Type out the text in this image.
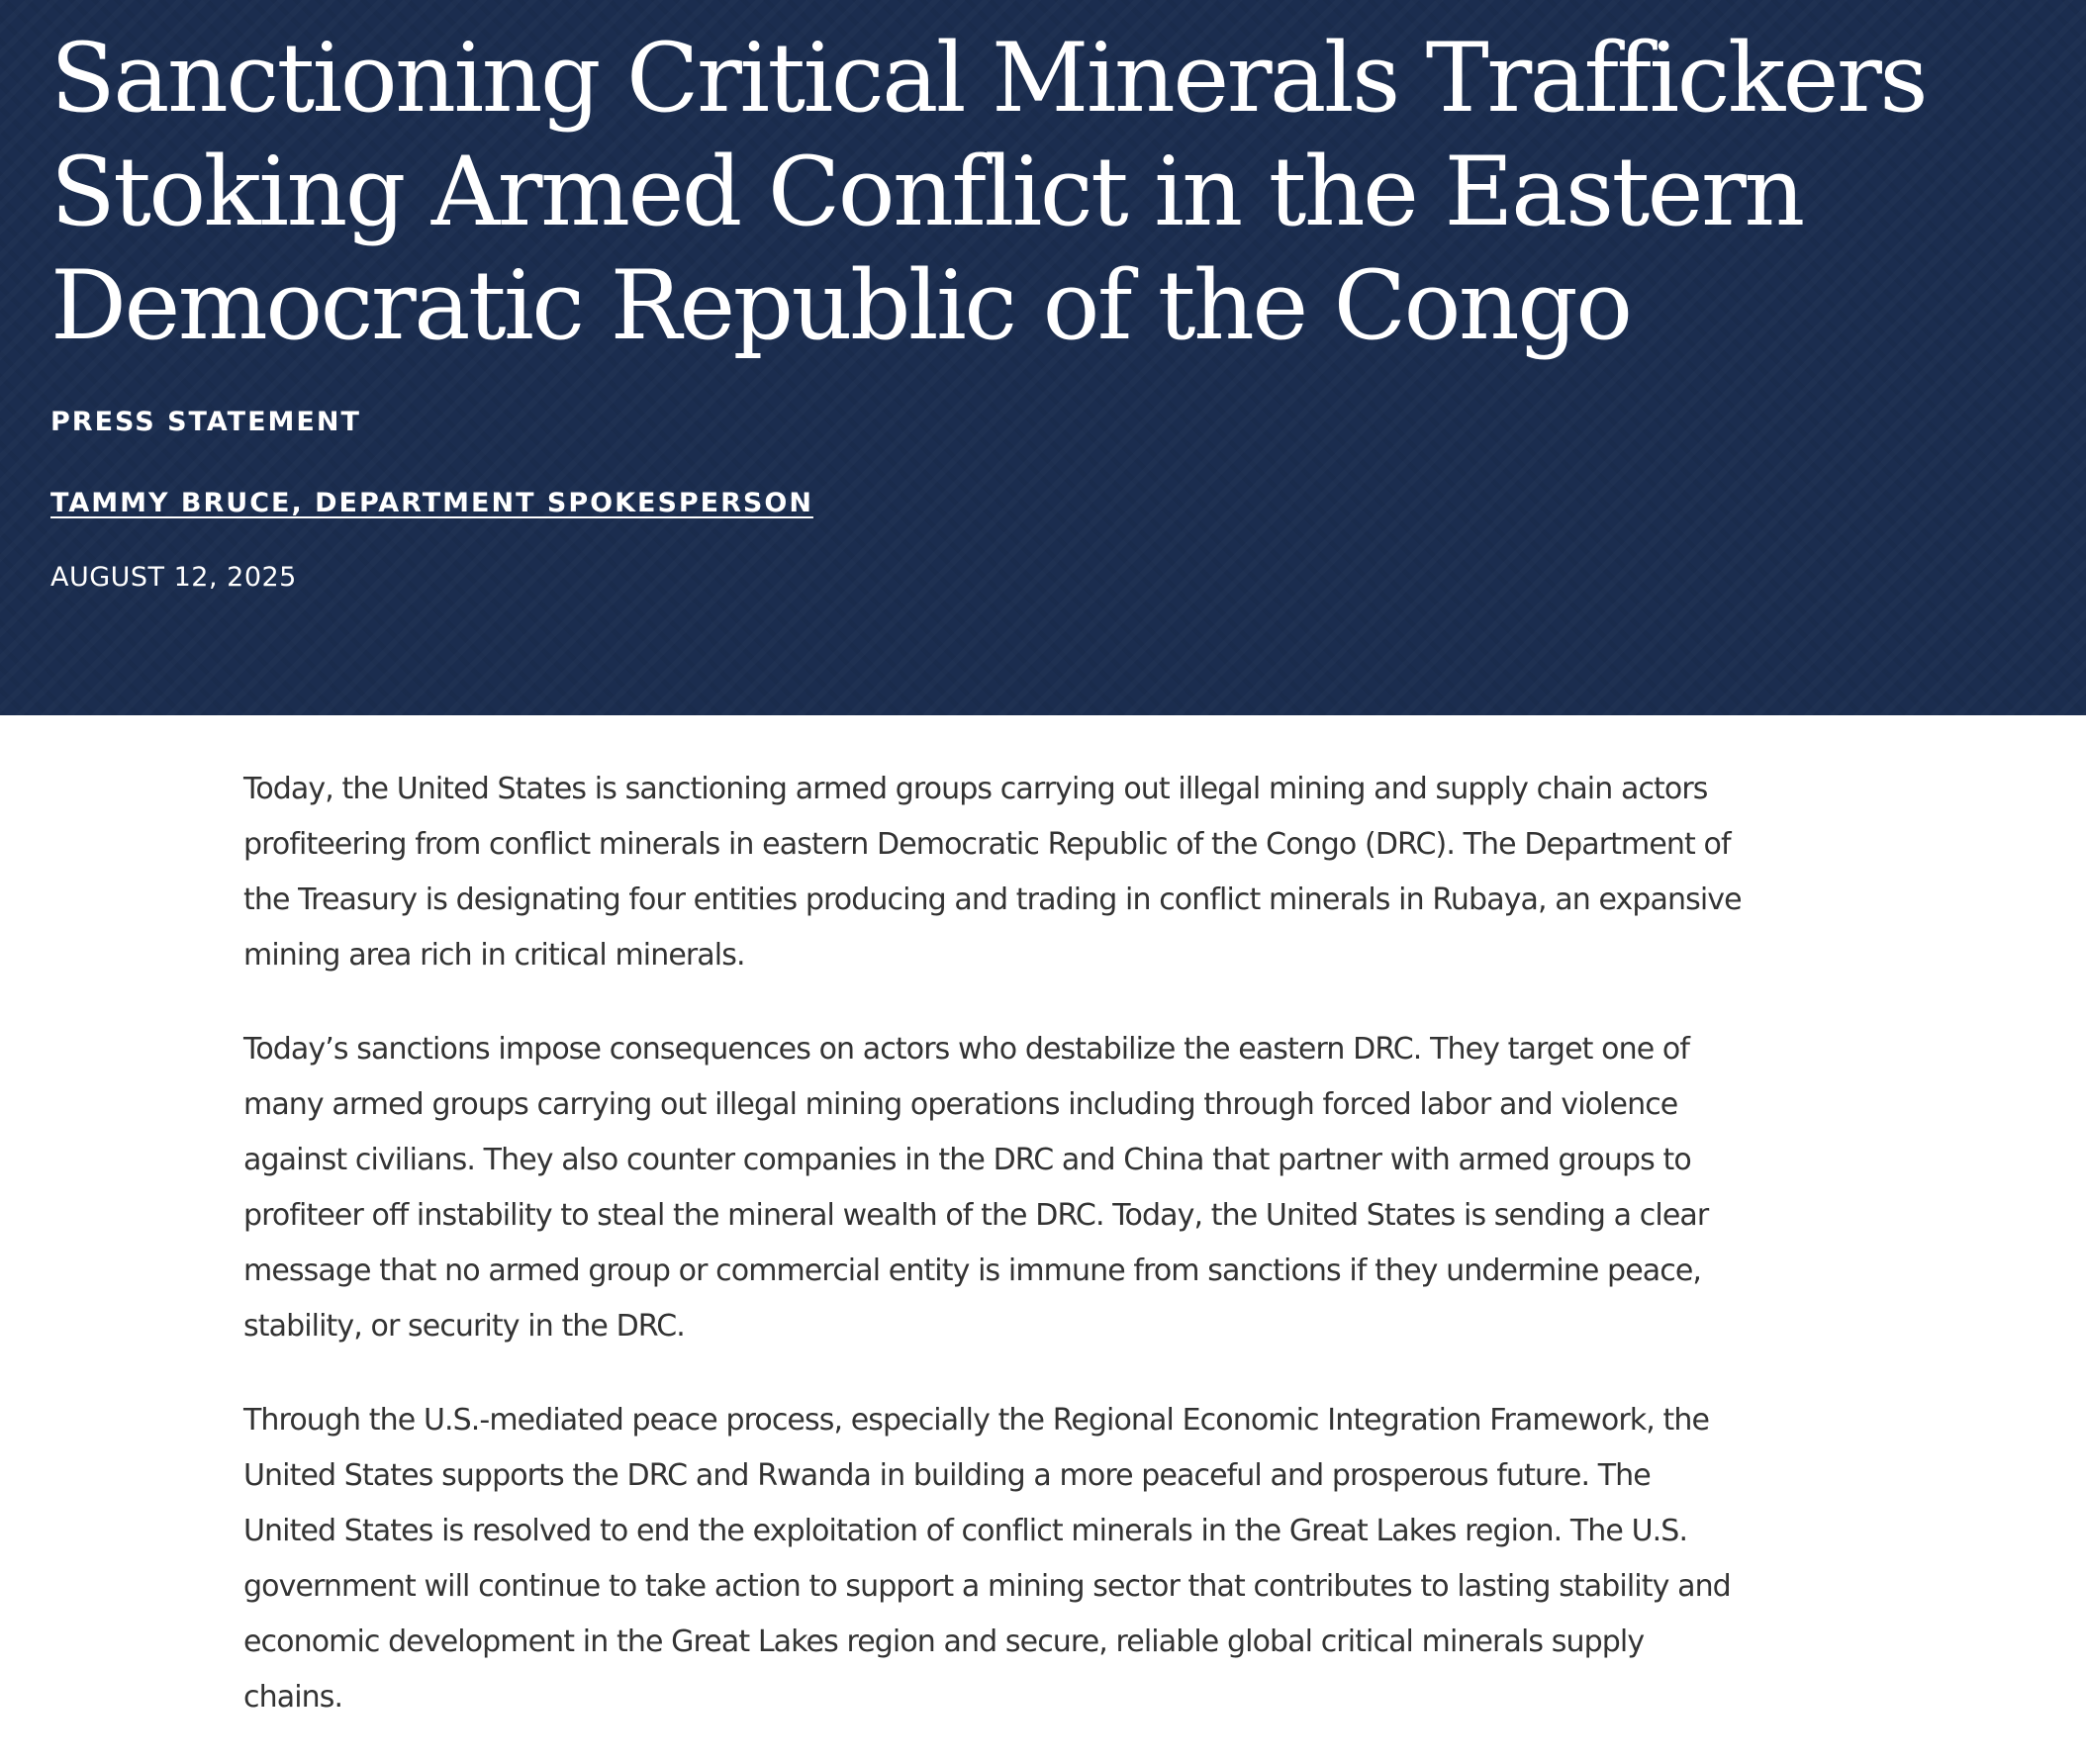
Sanctioning Critical Minerals Traffickers Stoking Armed Conflict in the Eastern Democratic Republic of the Congo
PRESS STATEMENT
TAMMY BRUCE, DEPARTMENT SPOKESPERSON
AUGUST 12, 2025

Today, the United States is sanctioning armed groups carrying out illegal mining and supply chain actors profiteering from conflict minerals in eastern Democratic Republic of the Congo (DRC). The Department of the Treasury is designating four entities producing and trading in conflict minerals in Rubaya, an expansive mining area rich in critical minerals.

Today’s sanctions impose consequences on actors who destabilize the eastern DRC. They target one of many armed groups carrying out illegal mining operations including through forced labor and violence against civilians. They also counter companies in the DRC and China that partner with armed groups to profiteer off instability to steal the mineral wealth of the DRC. Today, the United States is sending a clear message that no armed group or commercial entity is immune from sanctions if they undermine peace, stability, or security in the DRC.

Through the U.S.-mediated peace process, especially the Regional Economic Integration Framework, the United States supports the DRC and Rwanda in building a more peaceful and prosperous future. The United States is resolved to end the exploitation of conflict minerals in the Great Lakes region. The U.S. government will continue to take action to support a mining sector that contributes to lasting stability and economic development in the Great Lakes region and secure, reliable global critical minerals supply chains.
